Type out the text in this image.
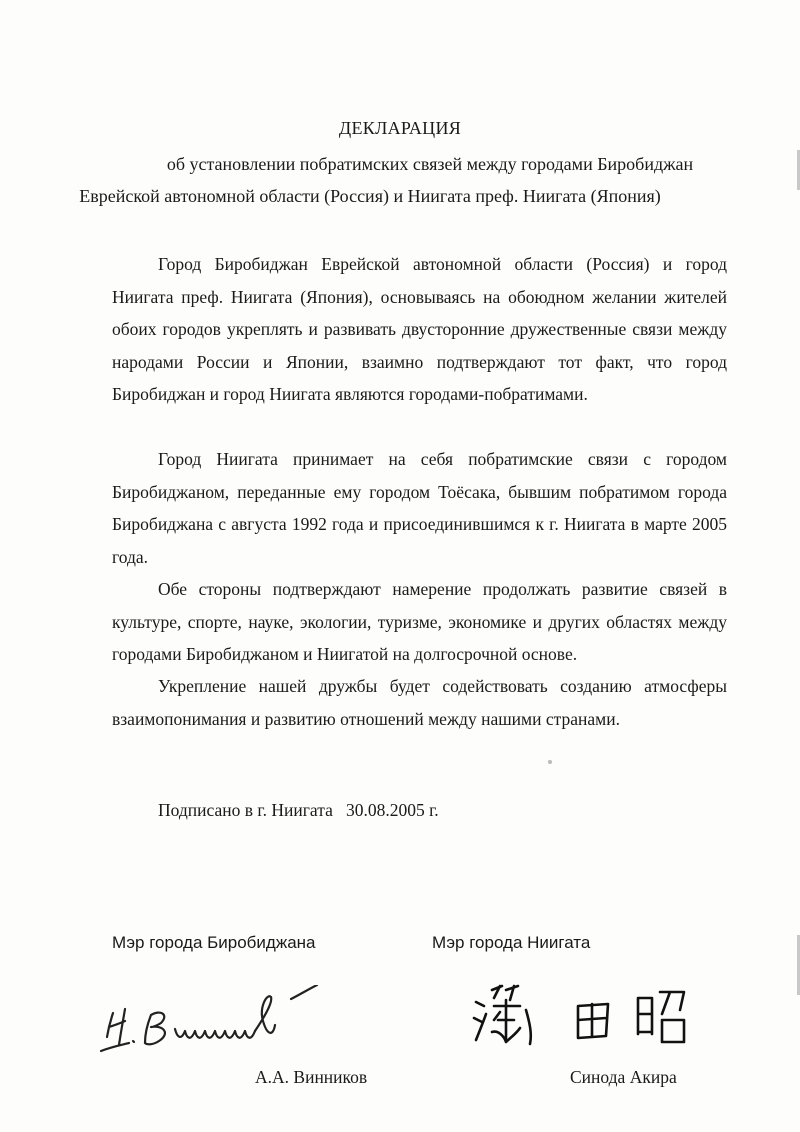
ДЕКЛАРАЦИЯ
об установлении побратимских связей между городами Биробиджан
Еврейской автономной области (Россия) и Ниигата преф. Ниигата (Япония)

Город Биробиджан Еврейской автономной области (Россия) и город Ниигата преф. Ниигата (Япония), основываясь на обоюдном желании жителей обоих городов укреплять и развивать двусторонние дружественные связи между народами России и Японии, взаимно подтверждают тот факт, что город Биробиджан и город Ниигата являются городами-побратимами.

Город Ниигата принимает на себя побратимские связи с городом Биробиджаном, переданные ему городом Тоёсака, бывшим побратимом города Биробиджана с августа 1992 года и присоединившимся к г. Ниигата в марте 2005 года.

Обе стороны подтверждают намерение продолжать развитие связей в культуре, спорте, науке, экологии, туризме, экономике и других областях между городами Биробиджаном и Ниигатой на долгосрочной основе.

Укрепление нашей дружбы будет содействовать созданию атмосферы взаимопонимания и развитию отношений между нашими странами.

Подписано в г. Ниигата   30.08.2005 г.
Мэр города Биробиджана	Мэр города Ниигата
А.А. Винников	Синода Акира
